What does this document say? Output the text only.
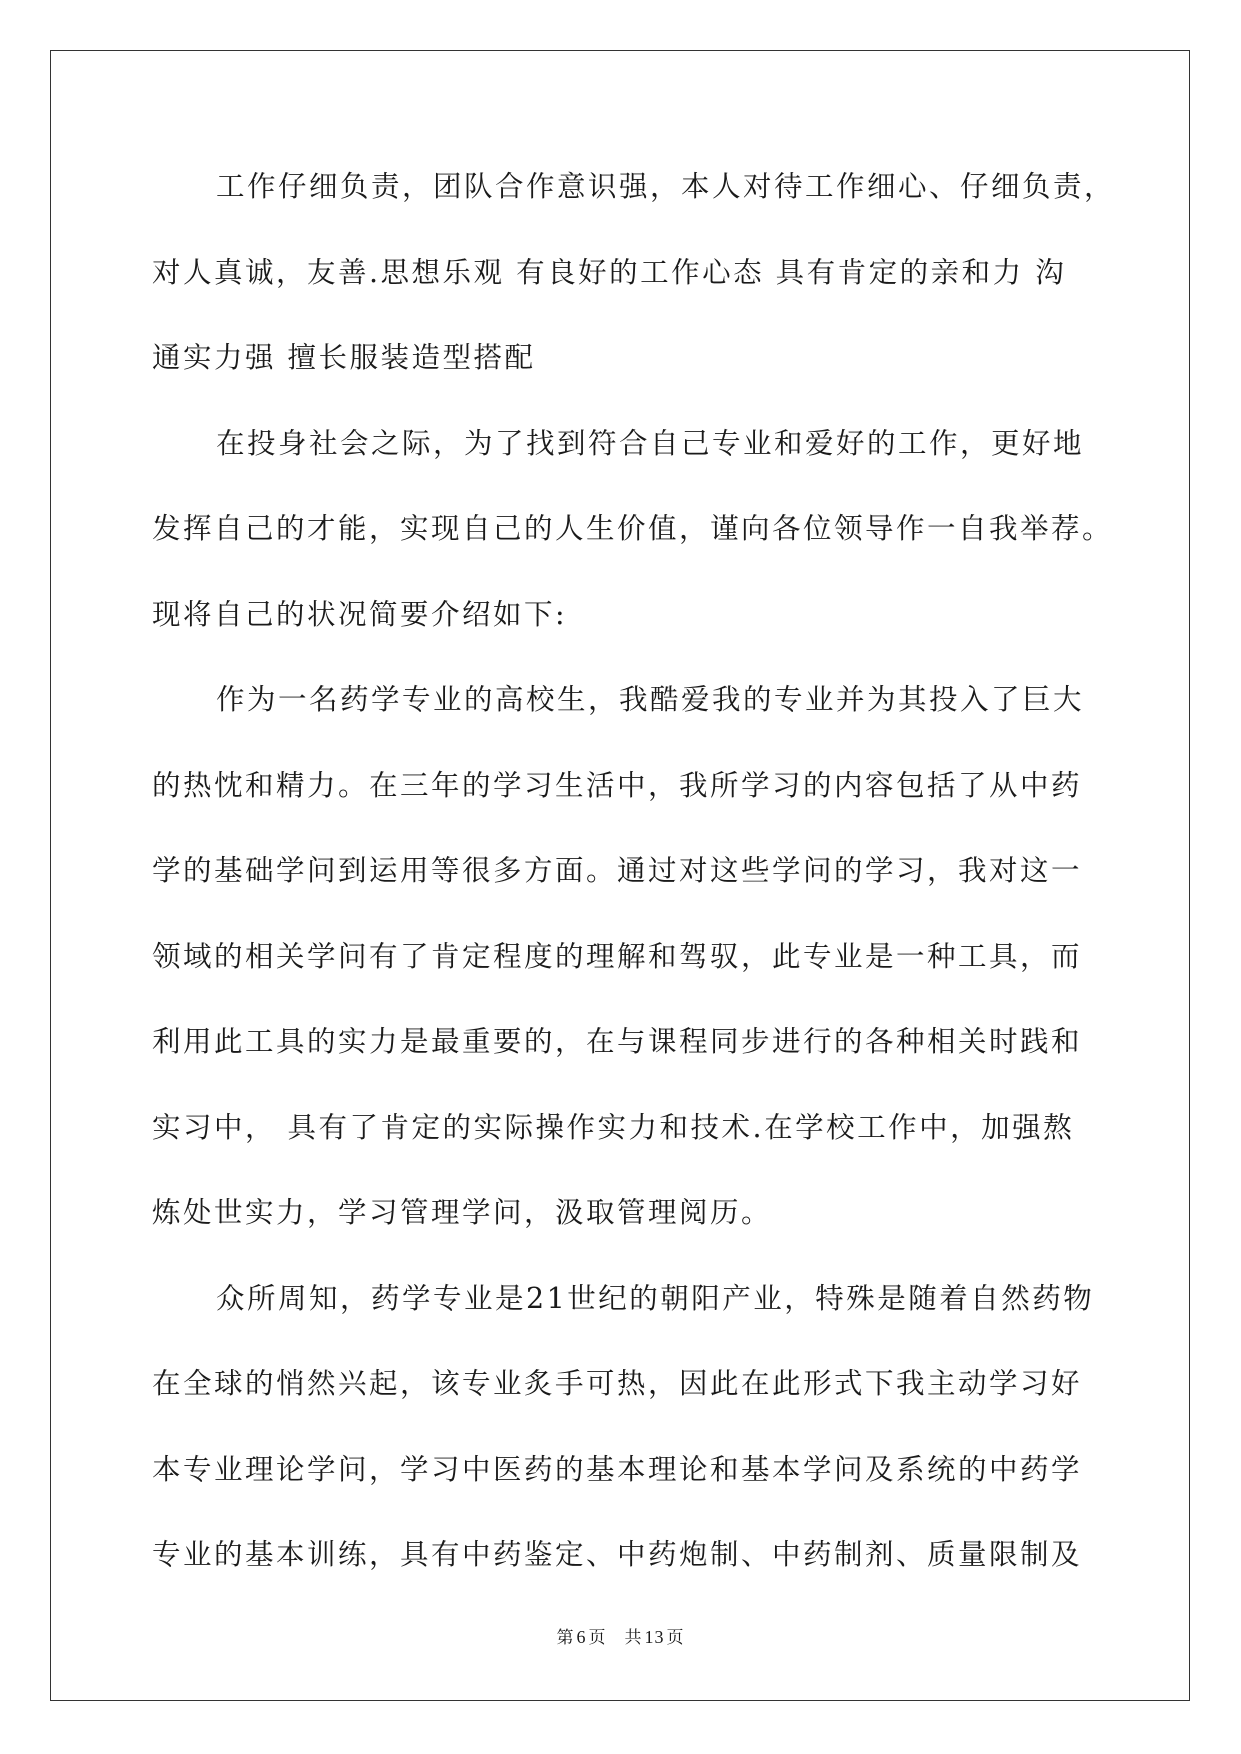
工作仔细负责，团队合作意识强，本人对待工作细心、仔细负责，
对人真诚，友善.思想乐观 有良好的工作心态 具有肯定的亲和力 沟
通实力强 擅长服装造型搭配
在投身社会之际，为了找到符合自己专业和爱好的工作，更好地
发挥自己的才能，实现自己的人生价值，谨向各位领导作一自我举荐。
现将自己的状况简要介绍如下:
作为一名药学专业的高校生，我酷爱我的专业并为其投入了巨大
的热忱和精力。在三年的学习生活中，我所学习的内容包括了从中药
学的基础学问到运用等很多方面。通过对这些学问的学习，我对这一
领域的相关学问有了肯定程度的理解和驾驭，此专业是一种工具，而
利用此工具的实力是最重要的，在与课程同步进行的各种相关时践和
实习中， 具有了肯定的实际操作实力和技术.在学校工作中，加强熬
炼处世实力，学习管理学问，汲取管理阅历。
众所周知，药学专业是21世纪的朝阳产业，特殊是随着自然药物
在全球的悄然兴起，该专业炙手可热，因此在此形式下我主动学习好
本专业理论学问，学习中医药的基本理论和基本学问及系统的中药学
专业的基本训练，具有中药鉴定、中药炮制、中药制剂、质量限制及
第 6 页 共 13 页
